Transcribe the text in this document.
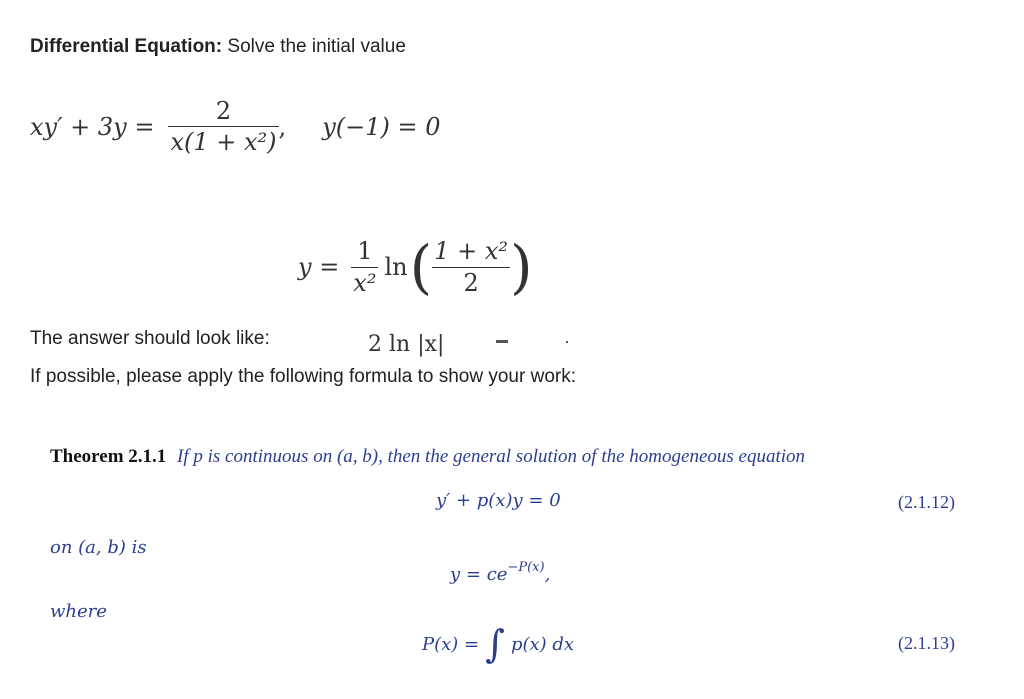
Differential Equation: Solve the initial value
$xy' + 3y = \frac{2}{\text{x(1 + x²)}}$ , y(−1) = 0
$y = \frac{1}{\text{x²}}$ ln ( $\frac{\text{1 + x²}}{2}$ )
The answer should look like:	2 ln |x|
If possible, please apply the following formula to show your work:
Theorem 2.1.1 If p is continuous on (a, b), then the general solution of the homogeneous equation
y′ + p(x)y = 0	(2.1.12)
on (a, b) is
$y = ce^{-P(x)}$,
where
P(x) = ∫ p(x) dx	(2.1.13)
